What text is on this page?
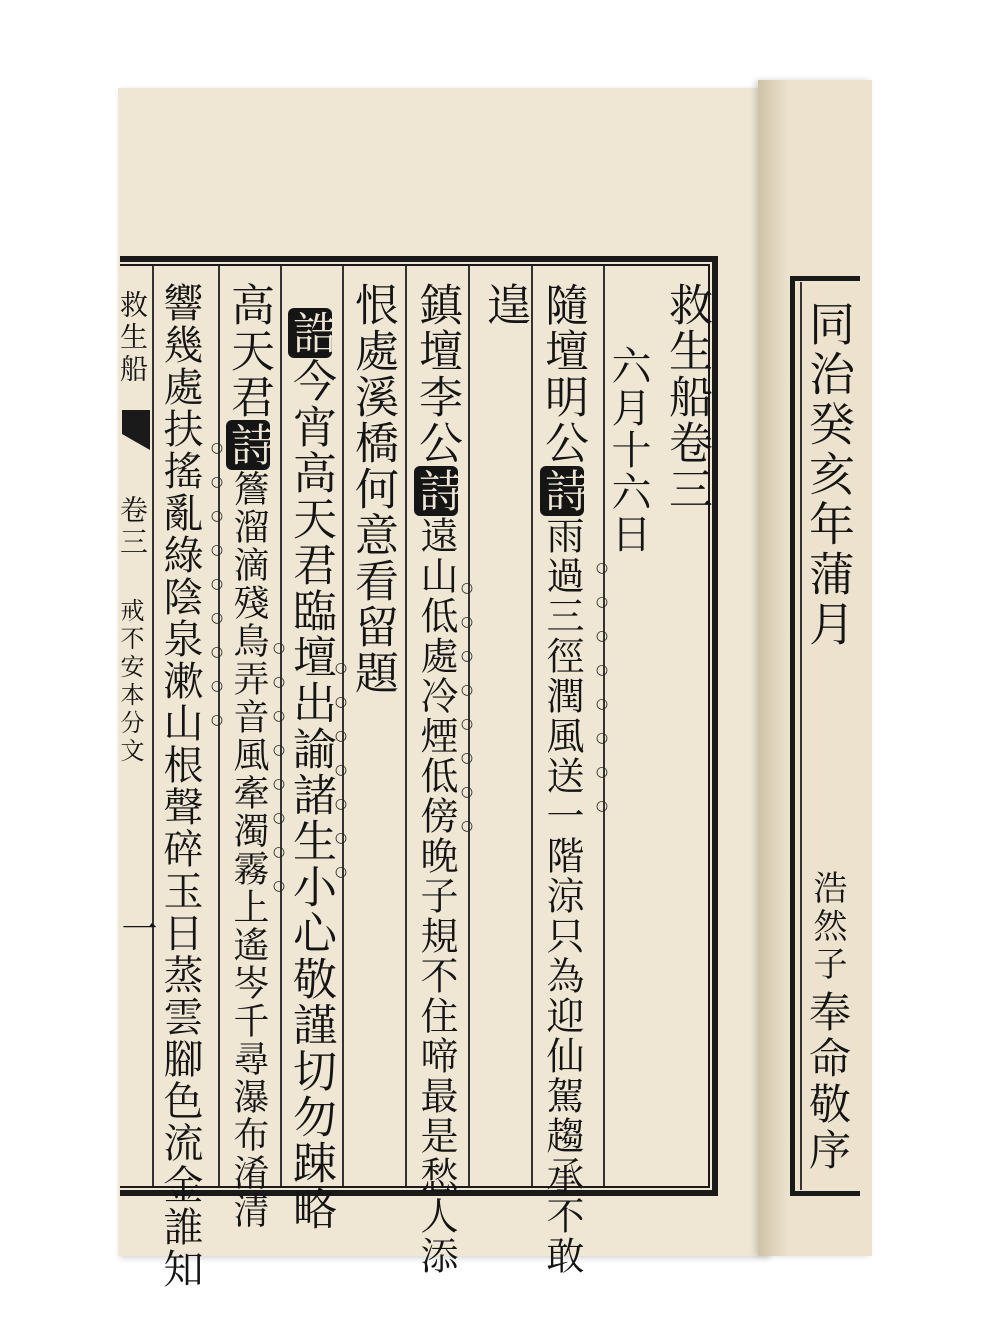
救生船卷三
六月十六日
隨壇明公詩雨過三徑潤風送一階涼只為迎仙駕趨承不敢
遑
鎮壇李公詩遠山低處冷煙低傍晚子規不住啼最是愁人添
恨處溪橋何意看留題
誥今宵高天君臨壇出諭諸生小心敬謹切勿踈略
高天君詩簷溜滴殘鳥弄音風牽濁霧上遙岑千尋瀑布淆清
響幾處扶搖亂綠陰泉漱山根聲碎玉日蒸雲腳色流金誰知
救生船
卷三
戒不安本分文
一
○○○○○○○○
○○○○○○○○
○○○○○○○
○○○○○○○○
○○○○○○○○○	同治癸亥年蒲月
浩然子
奉命敬序
